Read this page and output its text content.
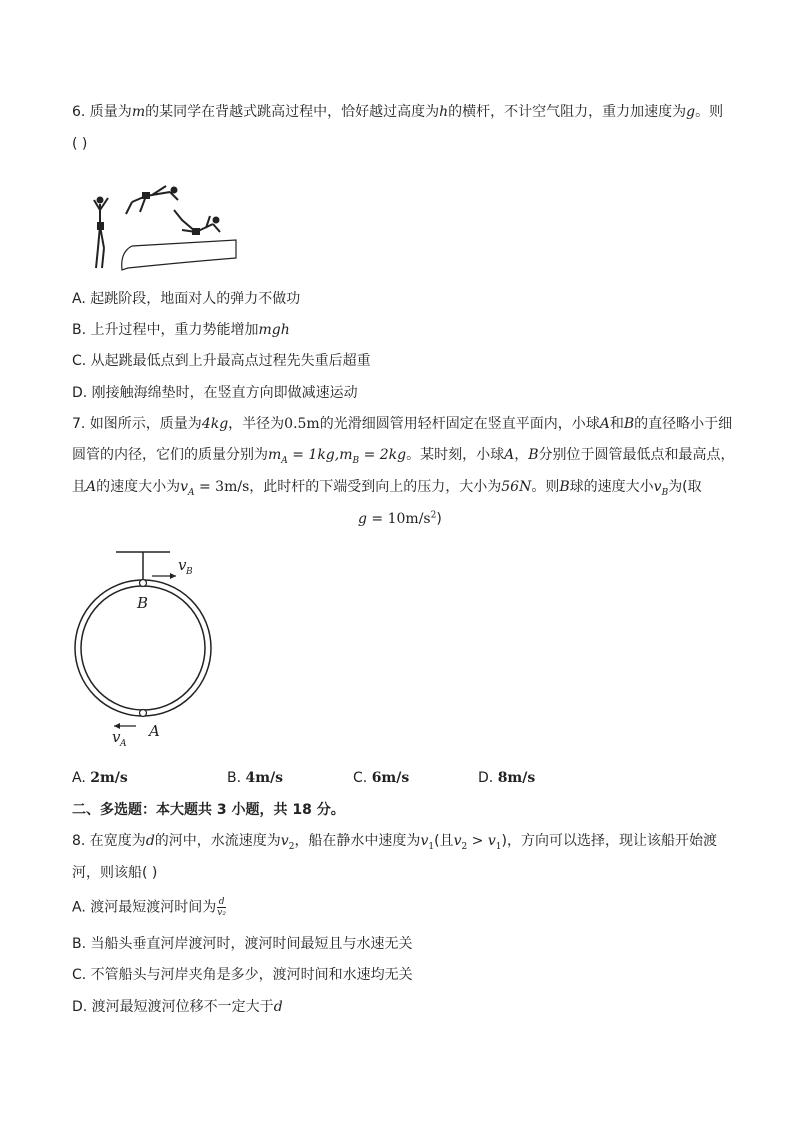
6. 质量为m的某同学在背越式跳高过程中，恰好越过高度为h的横杆，不计空气阻力，重力加速度为g。则
( )
A. 起跳阶段，地面对人的弹力不做功
B. 上升过程中，重力势能增加mgh
C. 从起跳最低点到上升最高点过程先失重后超重
D. 刚接触海绵垫时，在竖直方向即做减速运动
7. 如图所示，质量为4kg，半径为0.5m的光滑细圆管用轻杆固定在竖直平面内，小球A和B的直径略小于细
圆管的内径，它们的质量分别为$m_A = 1kg,m_B = 2kg$。某时刻，小球A，B分别位于圆管最低点和最高点，
且A的速度大小为$v_A = 3m/s$，此时杆的下端受到向上的压力，大小为56N。则B球的速度大小$v_B$为(取
$g = 10m/s^2$)
v B
B
A
v A
A. 2m/s	B. 4m/s	C. 6m/s	D. 8m/s
二、多选题：本大题共 3 小题，共 18 分。
8. 在宽度为d的河中，水流速度为$v_2$，船在静水中速度为$v_1$(且$v_2 > v_1$)，方向可以选择，现让该船开始渡
河，则该船( )
A. 渡河最短渡河时间为 $\frac{d}{\text{v₂}}$
B. 当船头垂直河岸渡河时，渡河时间最短且与水速无关
C. 不管船头与河岸夹角是多少，渡河时间和水速均无关
D. 渡河最短渡河位移不一定大于d
